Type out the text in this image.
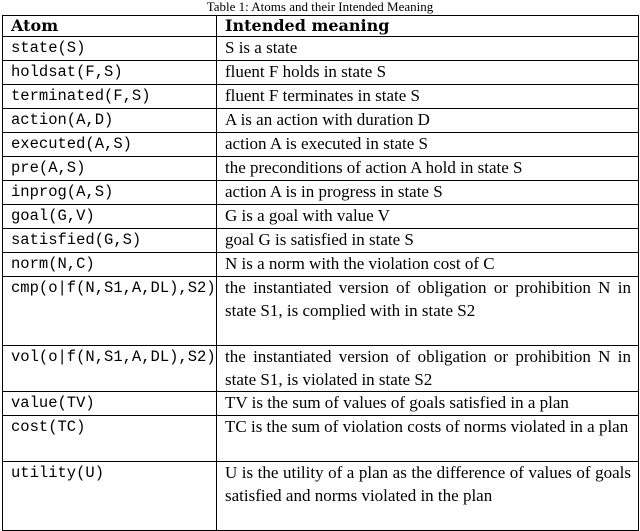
Table 1: Atoms and their Intended Meaning
Atom	Intended meaning
state(S)	S is a state
holdsat(F,S)	fluent F holds in state S
terminated(F,S)	fluent F terminates in state S
action(A,D)	A is an action with duration D
executed(A,S)	action A is executed in state S
pre(A,S)	the preconditions of action A hold in state S
inprog(A,S)	action A is in progress in state S
goal(G,V)	G is a goal with value V
satisfied(G,S)	goal G is satisfied in state S
norm(N,C)	N is a norm with the violation cost of C
cmp(o|f(N,S1,A,DL),S2)	the instantiated version of obligation or prohibition N in state S1, is complied with in state S2
vol(o|f(N,S1,A,DL),S2)	the instantiated version of obligation or prohibition N in state S1, is violated in state S2
value(TV)	TV is the sum of values of goals satisfied in a plan
cost(TC)	TC is the sum of violation costs of norms violated in a plan
utility(U)	U is the utility of a plan as the difference of values of goals satisfied and norms violated in the plan
